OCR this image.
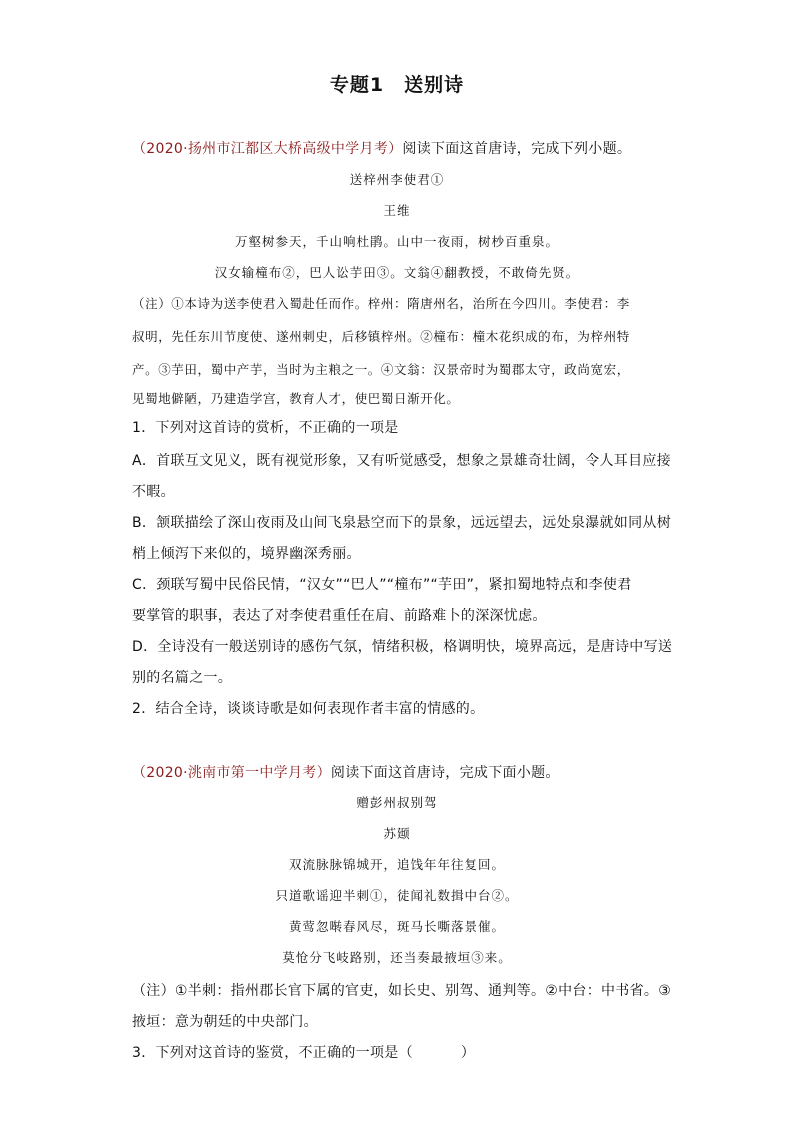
专题1　送别诗
（2020·扬州市江都区大桥高级中学月考）阅读下面这首唐诗，完成下列小题。
送梓州李使君①
王维
万壑树参天，千山响杜鹃。山中一夜雨，树杪百重泉。
汉女输橦布②，巴人讼芋田③。文翁④翻教授，不敢倚先贤。
（注）①本诗为送李使君入蜀赴任而作。梓州：隋唐州名，治所在今四川。李使君：李
叔明，先任东川节度使、遂州刺史，后移镇梓州。②橦布：橦木花织成的布，为梓州特
产。③芋田，蜀中产芋，当时为主粮之一。④文翁：汉景帝时为蜀郡太守，政尚宽宏，
见蜀地僻陋，乃建造学宫，教育人才，使巴蜀日渐开化。
1．下列对这首诗的赏析，不正确的一项是
A．首联互文见义，既有视觉形象，又有听觉感受，想象之景雄奇壮阔，令人耳目应接
不暇。
B．颔联描绘了深山夜雨及山间飞泉悬空而下的景象，远远望去，远处泉瀑就如同从树
梢上倾泻下来似的，境界幽深秀丽。
C．颈联写蜀中民俗民情，“汉女”“巴人”“橦布”“芋田”，紧扣蜀地特点和李使君
要掌管的职事，表达了对李使君重任在肩、前路难卜的深深忧虑。
D．全诗没有一般送别诗的感伤气氛，情绪积极，格调明快，境界高远，是唐诗中写送
别的名篇之一。
2．结合全诗，谈谈诗歌是如何表现作者丰富的情感的。
（2020·洮南市第一中学月考）阅读下面这首唐诗，完成下面小题。
赠彭州叔别驾
苏颋
双流脉脉锦城开，追饯年年往复回。
只道歌谣迎半刺①，徒闻礼数揖中台②。
黄莺忽啭春风尽，斑马长嘶落景催。
莫怆分飞岐路别，还当奏最掖垣③来。
（注）①半刺：指州郡长官下属的官吏，如长史、别驾、通判等。②中台：中书省。③
掖垣：意为朝廷的中央部门。
3．下列对这首诗的鉴赏，不正确的一项是（	）
